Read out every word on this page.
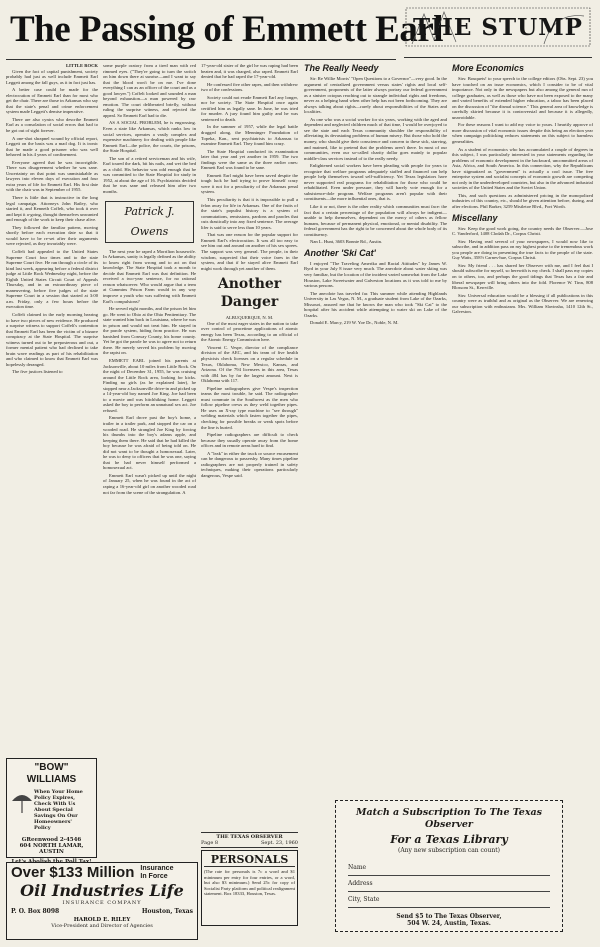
The Passing of Emmett Earl
THE STUMP
LITTLE ROCK

Given the fact of capital punishment, society probably had just as well include Emmett Earl Leggett among the fall guys, as it in fact just has.

A better case could be made for the electrocution of Emmett Earl than for most who get the chair. There are those in Arkansas who say that the state's penal and crime enforcement system made Leggett's demise imperative.

There are also cynics who describe Emmett Earl as a consolation of social errors that had to be got out of sight forever.

A one-shot shrapnel wound by official report, Leggett on the basis was a mad dog. It is ironic that he made a good prisoner who was well behaved in his 4 years of confinement.

Everyone agreed that he was incorrigible. There was disagreement whether he was sane. Uncertainty on that point was unmistakable as lawyers into eleven days of execution and four extra years of life for Emmett Earl. His first date with the chair was in September of 1955.

There is little that is instructive in the long legal campaign. Attorneys John Bailey, who started it, and Kenneth Coffelt, who took it over and kept it a-going, thought themselves unwanted and enough of the work to keep their chase alive.

They followed the familiar pattern, moving shortly before each execution date so that it would have to be re-set after their arguments were rejected, as they invariably were.

Coffelt had appealed to the United States Supreme Court four times and to the state Supreme Court five. He ran through a circle of its kind last week, appearing before a federal district judge at Little Rock Wednesday night, before the Eighth United States Circuit Court of Appeals Thursday, and in an extraordinary piece of maneuvering, before five judges of the state Supreme Court in a session that started at 3:00 a.m. Friday, only a few hours before the execution time.

Coffelt claimed in the early morning hearing to have two pieces of new evidence. He produced a surprise witness to support Coffelt's contention that Emmett Earl has been the victim of a bizarre conspiracy at the State Hospital. The surprise witness turned out to be preposterous and out, a former mental patient who had declined to take brain wave readings as part of his rehabilitation and who claimed to know that Emmett Earl was hopelessly deranged.

The five justices listened to

some purple oratory from a tired man with red rimmed eyes. ("They're going to turn the switch on him down there at sunrise—and I want to say that the blood won't be on me. I've done everything I can as an officer of the court and as a good lawyer.") Coffelt looked and sounded a man beyond exhaustion—a man powered by raw emotion. The court deliberated briefly, without ruling the surprise witness, and rejected the appeal. So Emmett Earl had to die.

AS A SOCIAL PROBLEM, he is engrossing. Even a state like Arkansas, which ranks low in social services, operates a vastly complex and expensive machinery for dealing with people like Emmett Earl—the police, the courts, the prisons, the State Hospital.

The son of a retired serviceman and his wife, Earl toured the dark, bit his nails, and wet the bed as a child. His behavior was odd enough that he was committed to the State Hospital for study in 1952, at about the age of 16. Psychiatrists decided that he was sane and released him after two months.

Patrick J. Owens

The next year he raped a Morrilton housewife. In Arkansas, sanity is legally defined as the ability to know right from wrong and to act on that knowledge. The State Hospital took a month to decide that Emmett Earl was that definition. He received a two-year sentence, for no rational reason whatsoever. Who would argue that a term at Cummins Prison Farm would in any way improve a youth who was suffering with Emmett Earl's compulsions?

He served eight months, and the prison let him go. He went to Ohio at the Ohio Penitentiary. The state wanted him back in Louisiana, where he was in prison and would not treat him. He stayed in the parole system, hiding from practice. He was banished from Conway County, his home county. Yet he got the parole he was to agree not to return there. He merely served his problem by moving the rapist on.

EMMETT EARL joined his parents at Jacksonville, about 10 miles from Little Rock. On the night of December 31, 1955, he was cruising around the Little Rock area, looking for kicks. Finding no girls (as he explained later), he stopped near a Jacksonville drive-in and picked up a 14-year-old boy named Joe King. Joe had been to a movie and was hitchhiking home. Leggett asked the boy to perform an unnatural sex act. Joe refused.

Emmett Earl drove past the boy's home, a trailer in a trailer park, and stopped the car on a wooded road. He strangled Joe King by forcing his thumbs into the boy's adams apple, and keeping them there. He said that he had killed the boy because he was afraid of being told on. He did not want to be thought a homosexual. Later, he was to deny to officers that he was one, saying that he had never himself performed a homosexual act.

Emmett Earl wasn't picked up until the night of January 25, when he was found in the act of raping a 16-year-old girl on another wooded road not far from the scene of the strangulation. A

17-year-old sister of the girl he was raping had been beaten and, it was charged, also raped. Emmett Earl denied that he had raped the 17-year-old.

He confessed five other rapes, and then withdrew two of the confessions.

Society could not evade Emmett Earl any longer, nor he society. The State Hospital once again certified him as legally sane. In June, he was tried for murder. A jury found him guilty and he was sentenced to death.

In the summer of 1957, while the legal battle dragged along, the Menninger Foundation of Topeka, Kan., sent psychiatrists to Arkansas to examine Emmett Earl. They found him crazy.

The State Hospital conducted its examination later that year and yet another in 1959. The two findings were the same as the three earlier ones: Emmett Earl was found to be sane.

Emmett Earl might have been saved despite the tough luck he had trying to prove himself crazy were it not for a peculiarity of the Arkansas penal system.

This peculiarity is that it is impossible to pull a felon away for life in Arkansas. One of the fruits of the state's populist history is a system of commutations, remissions, pardons and paroles that cuts drastically into any fixed sentence. The average lifer is said to serve less than 10 years.

That was one reason for the popular support for Emmett Earl's electrocution. It was all too easy to see him out and around on another of his sex sprees. The support was very general. The people, in their wisdom, suspected that their voice fares in the system, and that if he stayed alive Emmett Earl might work through yet another of them.

Another Danger
ALBUQUERQUE, N. M.

One of the most eager states in the nation to take over control of peacetime applications of atomic energy has been Texas, according to an official of the Atomic Energy Commission here.

Vincent C. Vespe, director of the compliance division of the AEC, and his team of five health physicists check licenses on a regular schedule in Texas, Oklahoma, New Mexico, Kansas, and Arizona. Of the 794 licensees in this area, Texas with 484 has by far the largest amount. Next is Oklahoma with 117.

Pipeline radiographers give Vespe's inspection teams the most trouble, he said. The radiographer must commute in the Southwest as the men who follow pipeline crews as they weld together pipes. He uses an X-ray type machine to "see through" welding materials which fasten together the pipes, checking for possible breaks or weak spots before the line is buried.

Pipeline radiographers are difficult to check because they usually operate away from the home offices and in remote areas hard to find.

A "leak" in either the truck or source encasement can be dangerous to passersby. Many times pipeline radiographers are not properly trained in safety techniques, making their operations particularly dangerous, Vespe said.

THE TEXAS OBSERVER
Page 8	Sept. 23, 1960
PERSONALS
(The rate for personals is 7c a word and $1 minimum per entry for four entries, or a word, but also $3 minimum.) Send 25c for copy of Socialist Party platform and political realignment statement. Box 18333, Houston, Texas.
"BOW" WILLIAMS
When Your Home Policy Expires,
Check With Us
About Special
Savings On Our
Homeowners'
Policy
GReenwood 2-4546
604 NORTH LAMAR, AUSTIN
Over $133 Million Insurance In Force
Oil Industries Life
INSURANCE COMPANY
P. O. Box 8098	Houston, Texas
HAROLD E. RILEY
Vice-President and Director of Agencies
The Really Needy

Sir: Re Willie Morris' "Open Questions to a Governor"—very good. In the argument of centralized government versus states' rights and local self-government, proponents of the latter always portray our federal government as a sinister octopus reaching out to strangle individual rights and freedoms, never as a helping hand when other help has not been forthcoming. They are always talking about rights—rarely about responsibilities of the States and localities.

As one who was a social worker for six years, working with the aged and dependent and neglected children much of that time, I would be overjoyed to see the state and each Texas community shoulder the responsibility of alleviating its devastating problems of human misery. But those who hold the money, who should give their conscience and concern to these sick, starving, and maimed, like to pretend that the problems aren't there. In most of our communities, even our so-called charity dollar goes mainly to popular middle-class services instead of to the really needy.

Enlightened social workers have been pleading with people for years to recognize that welfare programs adequately staffed and financed can help people help themselves toward self-sufficiency. Yet Texas legislators have never supported real programs for rehabilitation for those who could be rehabilitated. Even under pressure, they will barely vote enough for a subsistence-dole program. Welfare programs aren't popular with their constituents—the more influential ones, that is.

Like it or not, there is the other reality which communities must face: the fact that a certain percentage of the population will always be indigent—unable to help themselves, dependent on the mercy of others as fellow humans, because of permanent physical, emotional, or mental disability. The federal government has the right to be concerned about the whole body of its constituency.

Nan L. Hunt, 3603 Bonnie Rd., Austin.

Another 'Ski Cat'

I enjoyed "The Traveling Amerika and Racial Attitudes" by James W. Byrd in your July 8 issue very much. The anecdote about water skiing was very familiar, but the location of the incident varied somewhat from the Lake Houston, Lake Sweetwater and Galveston locations as it was told to me by various persons.

The anecdote has traveled far. This summer while attending Highlands University in Las Vegas, N. M., a graduate student from Lake of the Ozarks, Missouri, assured me that he knows the man who took "Ski Cat" to the hospital after his accident while attempting to water ski on Lake of the Ozarks.

Donald E. Marcy, 219 W. Yoe Dr., Noble, N. M.

More Economics

Sirs: Bouquets! to your speech to the college editors (Obs. Sept. 23) you have touched on an issue economics, which I consider to be of vital importance. Not only in the newspapers but also among the general run of college graduates, as well as those who have not been exposed to the many and varied benefits of extended higher education, a taboo has been placed on the discussion of "the dismal science." This general area of knowledge is carefully skirted because it is controversial and because it is allegedly, unavoidable.

For these reasons I want to add my voice to yours. I heartily approve of more discussion of vital economic issues despite this being an election year when campaign politicking reduces statements on this subject to harmless generalities.

As a student of economics who has accumulated a couple of degrees in this subject, I was particularly interested in your statements regarding the problems of economic development in the backward, uncommitted areas of Asia, Africa, and South America. In this connection, why the Republicans have stigmatized as "government" is actually a cool issue. The free enterprise system and socialist concepts of economic growth are competing not only in the underdeveloped countries, but also in the advanced industrial societies of the United States and the Soviet Union.

This, and such questions as administered pricing in the monopolized industries of this country, etc., should be given attention before, during, and after elections. Phil Barker, 3259 Mistletoe Blvd., Fort Worth.

Miscellany

Sirs: Keep the good work going, the country needs the Observer.—Jose C. Vanderford, 1408 Clodah Dr., Corpus Christi.

Sirs: Having read several of your newspapers, I would now like to subscribe, and in addition pass on my highest praise to the tremendous work you people are doing in presenting the true facts to the people of the state. Guy Watts, 358½ Carnes-hue, Corpus Christi.

Sirs: My friend . . . has shared her Observer with me, and I feel that I should subscribe for myself, so herewith is my check. I shall pass my copies on to others, too, and perhaps the good tidings that Texas has a fair and liberal newspaper will bring others into the fold. Florence W. Tinn, 808 Blossom St., Kerrville.

Sirs: Universal education would be a blessing if all publications in this country were as truthful and as original as the Observer. We are renewing our subscription with enthusiasm. Mrs. William Slavinsha, 1410 12th St., Galveston.

Match a Subscription To The Texas Observer
For a Texas Library
(Any new subscription can count)
Name
Address
City, State
Send $5 to The Texas Observer,
504 W. 24, Austin, Texas.
